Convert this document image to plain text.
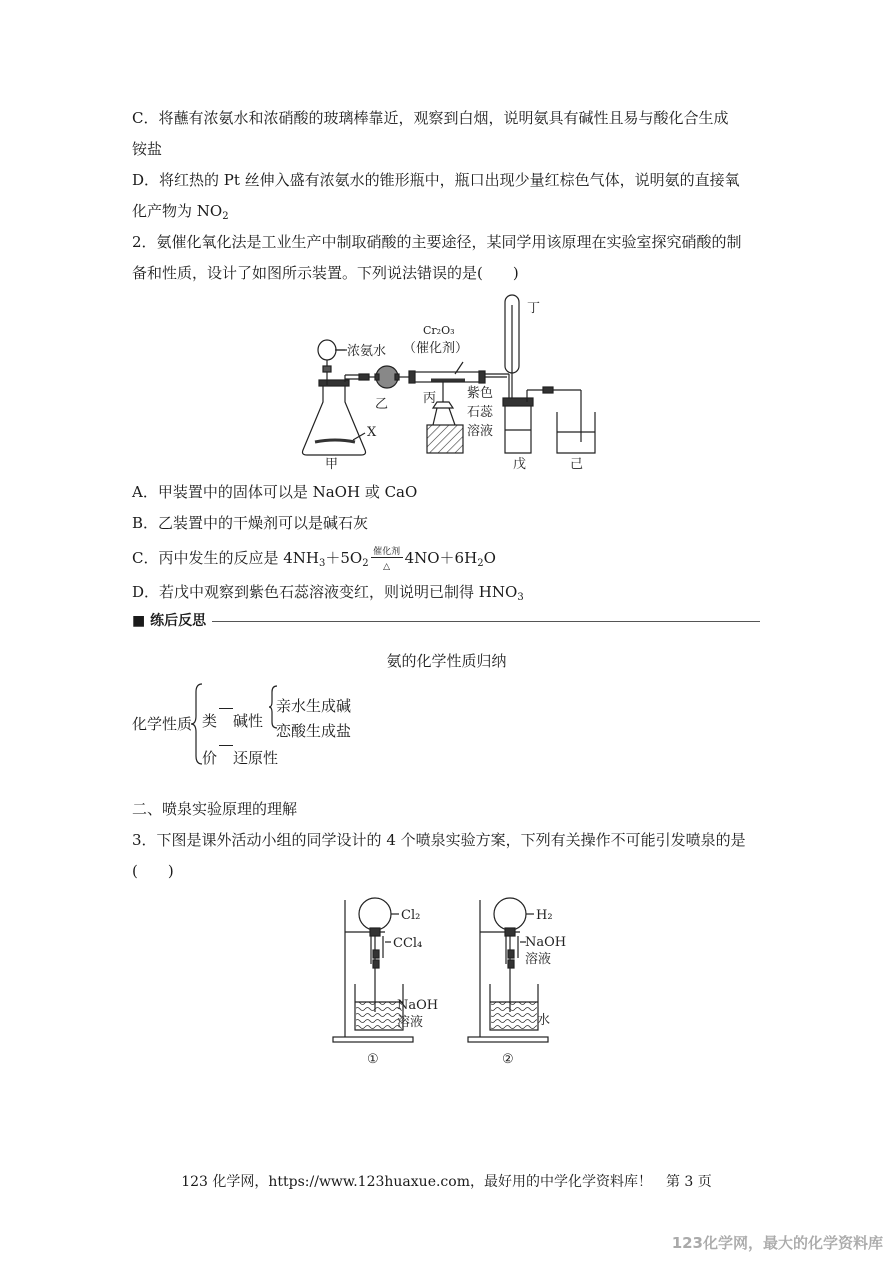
C．将蘸有浓氨水和浓硝酸的玻璃棒靠近，观察到白烟，说明氨具有碱性且易与酸化合生成
铵盐
D．将红热的 Pt 丝伸入盛有浓氨水的锥形瓶中，瓶口出现少量红棕色气体，说明氨的直接氧
化产物为 $NO_2$
2．氨催化氧化法是工业生产中制取硝酸的主要途径，某同学用该原理在实验室探究硝酸的制
备和性质，设计了如图所示装置。下列说法错误的是(　　)
浓氨水
Cr₂O₃
（催化剂）
丁
X
乙	丙 紫色
石蕊
溶液
甲	戊	己
A．甲装置中的固体可以是 NaOH 或 CaO
B．乙装置中的干燥剂可以是碱石灰
C．丙中发生的反应是 $4NH_3+5O_2$
催化剂
△ $4NO+6H_2O$
D．若戊中观察到紫色石蕊溶液变红，则说明已制得 $HNO_3$
■ 练后反思
氨的化学性质归纳
化学性质 类 碱性
亲水生成碱
恋酸生成盐
价 还原性
二、喷泉实验原理的理解
3．下图是课外活动小组的同学设计的 4 个喷泉实验方案，下列有关操作不可能引发喷泉的是
(　　)
Cl₂
CCl₄
NaOH
溶液
①
H₂
NaOH
溶液
水
②
123 化学网，https://www.123huaxue.com，最好用的中学化学资料库！　第 3 页
123化学网，最大的化学资料库
